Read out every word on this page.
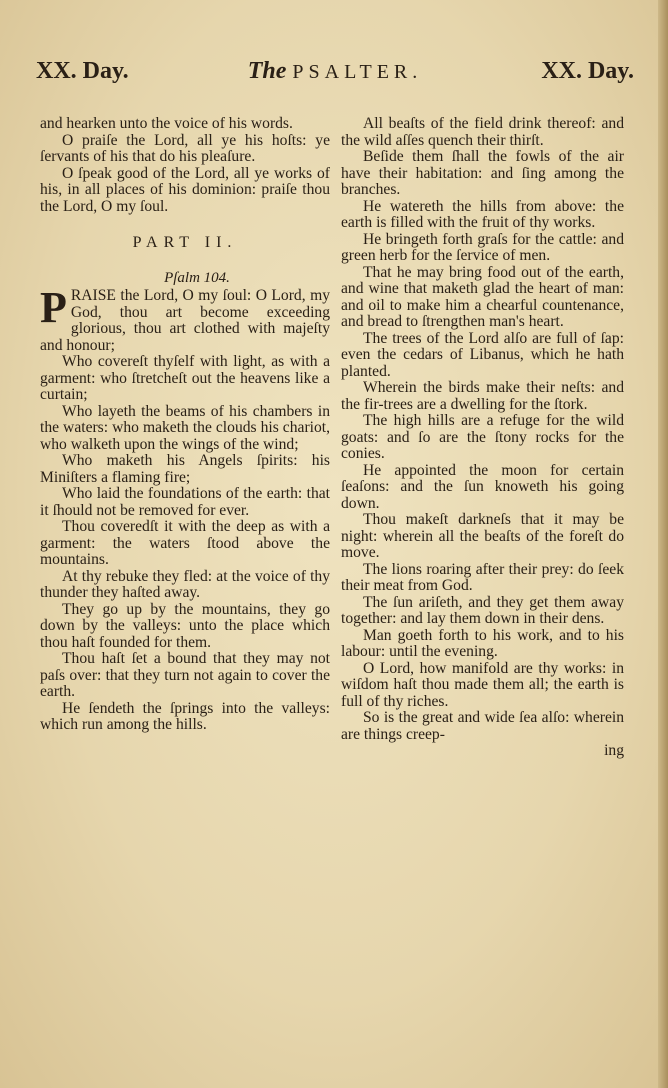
XX. Day.	The PSALTER.	XX. Day.

and hearken unto the voice of his words.

O praiſe the Lord, all ye his hoſts: ye ſervants of his that do his pleaſure.

O ſpeak good of the Lord, all ye works of his, in all places of his dominion: praiſe thou the Lord, O my ſoul.

PART II.
Pſalm 104.

PRAISE the Lord, O my ſoul: O Lord, my God, thou art become exceeding glorious, thou art clothed with majeſty and honour;

Who covereſt thyſelf with light, as with a garment: who ſtretcheſt out the heavens like a curtain;

Who layeth the beams of his chambers in the waters: who maketh the clouds his chariot, who walketh upon the wings of the wind;

Who maketh his Angels ſpirits: his Miniſters a flaming fire;

Who laid the foundations of the earth: that it ſhould not be removed for ever.

Thou coveredſt it with the deep as with a garment: the waters ſtood above the mountains.

At thy rebuke they fled: at the voice of thy thunder they haſted away.

They go up by the mountains, they go down by the valleys: unto the place which thou haſt founded for them.

Thou haſt ſet a bound that they may not paſs over: that they turn not again to cover the earth.

He ſendeth the ſprings into the valleys: which run among the hills.

All beaſts of the field drink thereof: and the wild aſſes quench their thirſt.

Beſide them ſhall the fowls of the air have their habitation: and ſing among the branches.

He watereth the hills from above: the earth is filled with the fruit of thy works.

He bringeth forth graſs for the cattle: and green herb for the ſervice of men.

That he may bring food out of the earth, and wine that maketh glad the heart of man: and oil to make him a chearful countenance, and bread to ſtrengthen man's heart.

The trees of the Lord alſo are full of ſap: even the cedars of Libanus, which he hath planted.

Wherein the birds make their neſts: and the fir-trees are a dwelling for the ſtork.

The high hills are a refuge for the wild goats: and ſo are the ſtony rocks for the conies.

He appointed the moon for certain ſeaſons: and the ſun knoweth his going down.

Thou makeſt darkneſs that it may be night: wherein all the beaſts of the foreſt do move.

The lions roaring after their prey: do ſeek their meat from God.

The ſun ariſeth, and they get them away together: and lay them down in their dens.

Man goeth forth to his work, and to his labour: until the evening.

O Lord, how manifold are thy works: in wiſdom haſt thou made them all; the earth is full of thy riches.

So is the great and wide ſea alſo: wherein are things creep-

ing
